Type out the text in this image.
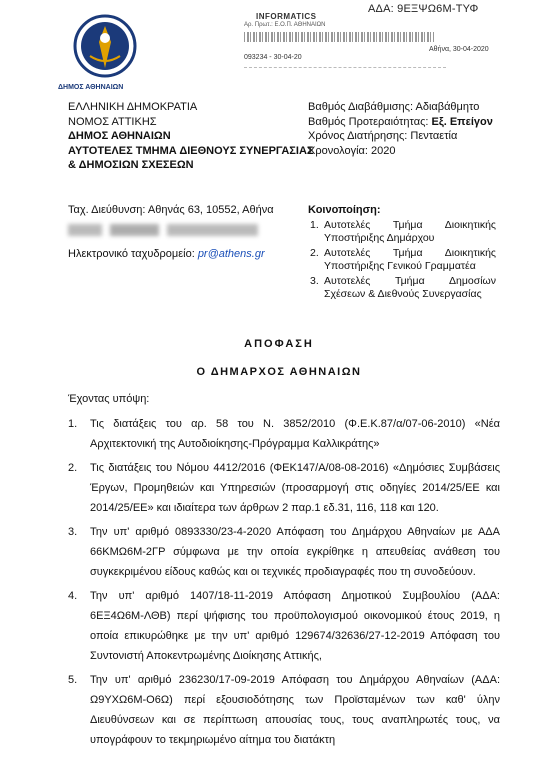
ΑΔΑ: 9ΕΞΨΩ6Μ-ΤΥΦ
ΔΗΜΟΣ ΑΘΗΝΑΙΩΝ
INFORMATICS
Αρ. Πρωτ.: Ε.Ο.Π. ΑΘΗΝΑΙΩΝ
093234 - 30-04-20
Αθήνα, 30-04-2020
ΕΛΛΗΝΙΚΗ ΔΗΜΟΚΡΑΤΙΑ
ΝΟΜΟΣ ΑΤΤΙΚΗΣ
ΔΗΜΟΣ ΑΘΗΝΑΙΩΝ
ΑΥΤΟΤΕΛΕΣ ΤΜΗΜΑ ΔΙΕΘΝΟΥΣ ΣΥΝΕΡΓΑΣΙΑΣ
& ΔΗΜΟΣΙΩΝ ΣΧΕΣΕΩΝ
Βαθμός Διαβάθμισης: Αδιαβάθμητο
Βαθμός Προτεραιότητας: Εξ. Επείγον
Χρόνος Διατήρησης: Πενταετία
Χρονολογία: 2020
Ταχ. Διεύθυνση: Αθηνάς 63, 10552, Αθήνα
Ηλεκτρονικό ταχυδρομείο: pr@athens.gr
Κοινοποίηση:
1. Αυτοτελές Τμήμα Διοικητικής Υποστήριξης Δημάρχου
2. Αυτοτελές Τμήμα Διοικητικής Υποστήριξης Γενικού Γραμματέα
3. Αυτοτελές Τμήμα Δημοσίων Σχέσεων & Διεθνούς Συνεργασίας
ΑΠΟΦΑΣΗ
Ο ΔΗΜΑΡΧΟΣ ΑΘΗΝΑΙΩΝ
Έχοντας υπόψη:
1.	Τις διατάξεις του αρ. 58 του Ν. 3852/2010 (Φ.Ε.Κ.87/α/07-06-2010) «Νέα Αρχιτεκτονική της Αυτοδιοίκησης-Πρόγραμμα Καλλικράτης»
2.	Τις διατάξεις του Νόμου 4412/2016 (ΦΕΚ147/Α/08-08-2016) «Δημόσιες Συμβάσεις Έργων, Προμηθειών και Υπηρεσιών (προσαρμογή στις οδηγίες 2014/25/ΕΕ και 2014/25/ΕΕ» και ιδιαίτερα των άρθρων 2 παρ.1 εδ.31, 116, 118 και 120.
3.	Την υπ' αριθμό 0893330/23-4-2020 Απόφαση του Δημάρχου Αθηναίων με ΑΔΑ 66ΚΜΩ6Μ-2ΓΡ σύμφωνα με την οποία εγκρίθηκε η απευθείας ανάθεση του συγκεκριμένου είδους καθώς και οι τεχνικές προδιαγραφές που τη συνοδεύουν.
4.	Την υπ' αριθμό 1407/18-11-2019 Απόφαση Δημοτικού Συμβουλίου (ΑΔΑ: 6ΕΞ4Ω6Μ-ΛΘΒ) περί ψήφισης του προϋπολογισμού οικονομικού έτους 2019, η οποία επικυρώθηκε με την υπ' αριθμό 129674/32636/27-12-2019 Απόφαση του Συντονιστή Αποκεντρωμένης Διοίκησης Αττικής,
5.	Την υπ' αριθμό 236230/17-09-2019 Απόφαση του Δημάρχου Αθηναίων (ΑΔΑ: Ω9ΥΧΩ6Μ-Ο6Ω) περί εξουσιοδότησης των Προϊσταμένων των καθ' ύλην Διευθύνσεων και σε περίπτωση απουσίας τους, τους αναπληρωτές τους, να υπογράφουν το τεκμηριωμένο αίτημα του διατάκτη
